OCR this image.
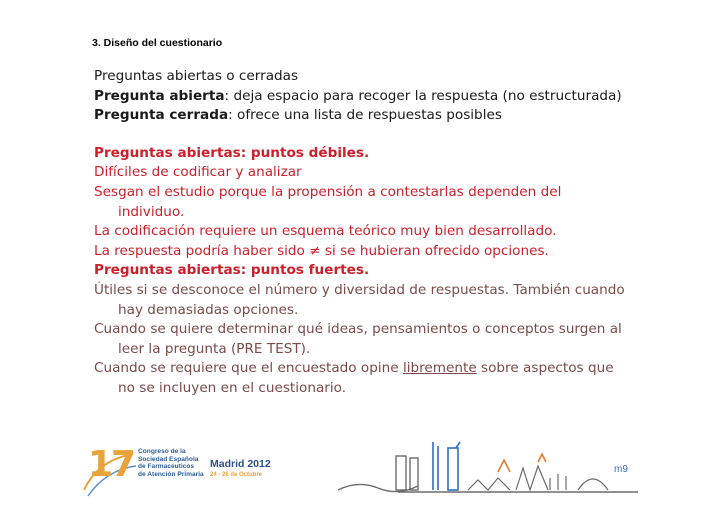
3. Diseño del cuestionario
Preguntas abiertas o cerradas
Pregunta abierta: deja espacio para recoger la respuesta (no estructurada)
Pregunta cerrada: ofrece una lista de respuestas posibles
Preguntas abiertas: puntos débiles.
Difíciles de codificar y analizar
Sesgan el estudio porque la propensión a contestarlas dependen del
individuo.
La codificación requiere un esquema teórico muy bien desarrollado.
La respuesta podría haber sido ≠ si se hubieran ofrecido opciones.
Preguntas abiertas: puntos fuertes.
Útiles si se desconoce el número y diversidad de respuestas. También cuando
hay demasiadas opciones.
Cuando se quiere determinar qué ideas, pensamientos o conceptos surgen al
leer la pregunta (PRE TEST).
Cuando se requiere que el encuestado opine libremente sobre aspectos que
no se incluyen en el cuestionario.
17 Congreso de la
Sociedad Española
de Farmacéuticos
de Atención Primaria
Madrid 2012
24 - 26 de Octubre	m9
